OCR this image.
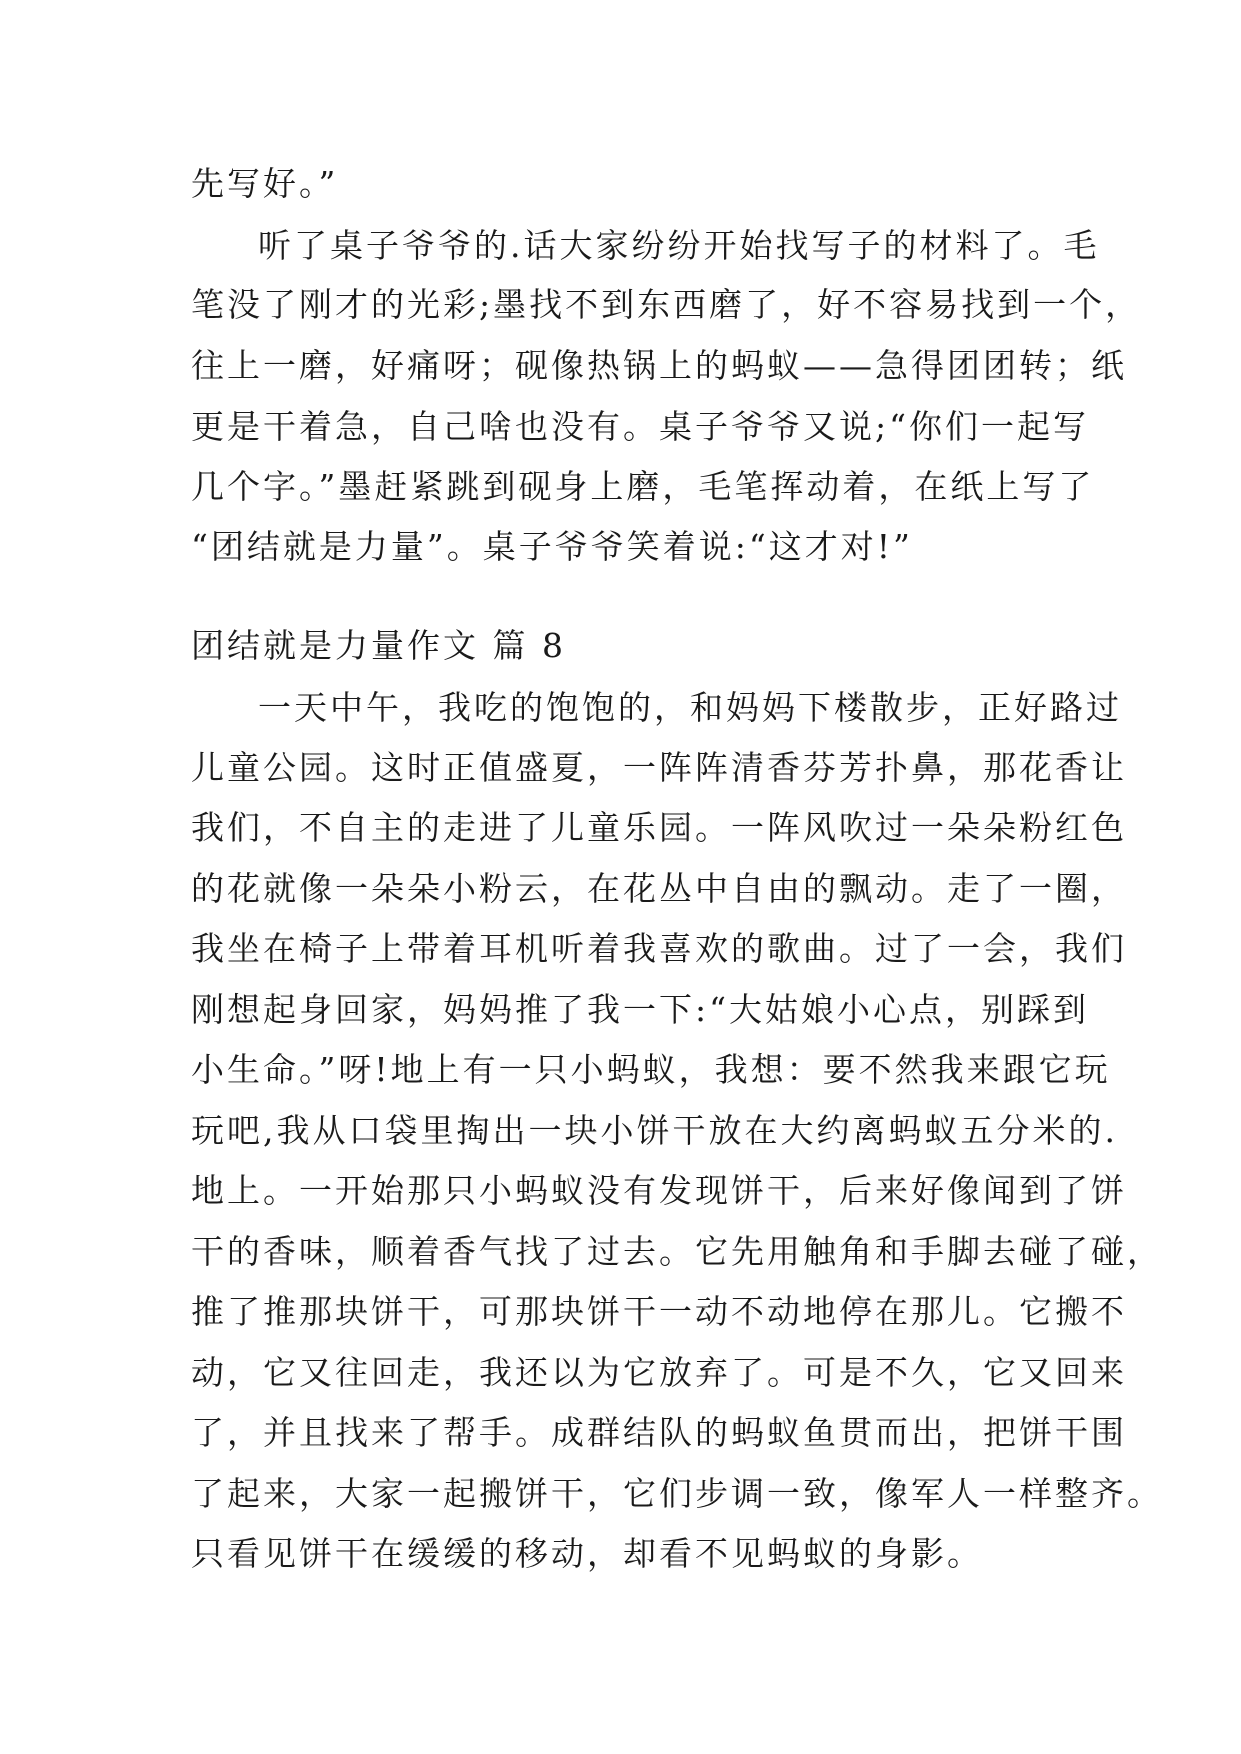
先写好。”
听了桌子爷爷的.话大家纷纷开始找写子的材料了。毛
笔没了刚才的光彩;墨找不到东西磨了，好不容易找到一个，
往上一磨，好痛呀；砚像热锅上的蚂蚁——急得团团转；纸
更是干着急，自己啥也没有。桌子爷爷又说;“你们一起写
几个字。”墨赶紧跳到砚身上磨，毛笔挥动着，在纸上写了
“团结就是力量”。桌子爷爷笑着说:“这才对!”
团结就是力量作文 篇 8
一天中午，我吃的饱饱的，和妈妈下楼散步，正好路过
儿童公园。这时正值盛夏，一阵阵清香芬芳扑鼻，那花香让
我们，不自主的走进了儿童乐园。一阵风吹过一朵朵粉红色
的花就像一朵朵小粉云，在花丛中自由的飘动。走了一圈，
我坐在椅子上带着耳机听着我喜欢的歌曲。过了一会，我们
刚想起身回家，妈妈推了我一下:“大姑娘小心点，别踩到
小生命。”呀!地上有一只小蚂蚁，我想：要不然我来跟它玩
玩吧,我从口袋里掏出一块小饼干放在大约离蚂蚁五分米的.
地上。一开始那只小蚂蚁没有发现饼干，后来好像闻到了饼
干的香味，顺着香气找了过去。它先用触角和手脚去碰了碰，
推了推那块饼干，可那块饼干一动不动地停在那儿。它搬不
动，它又往回走，我还以为它放弃了。可是不久，它又回来
了，并且找来了帮手。成群结队的蚂蚁鱼贯而出，把饼干围
了起来，大家一起搬饼干，它们步调一致，像军人一样整齐。
只看见饼干在缓缓的移动，却看不见蚂蚁的身影。
